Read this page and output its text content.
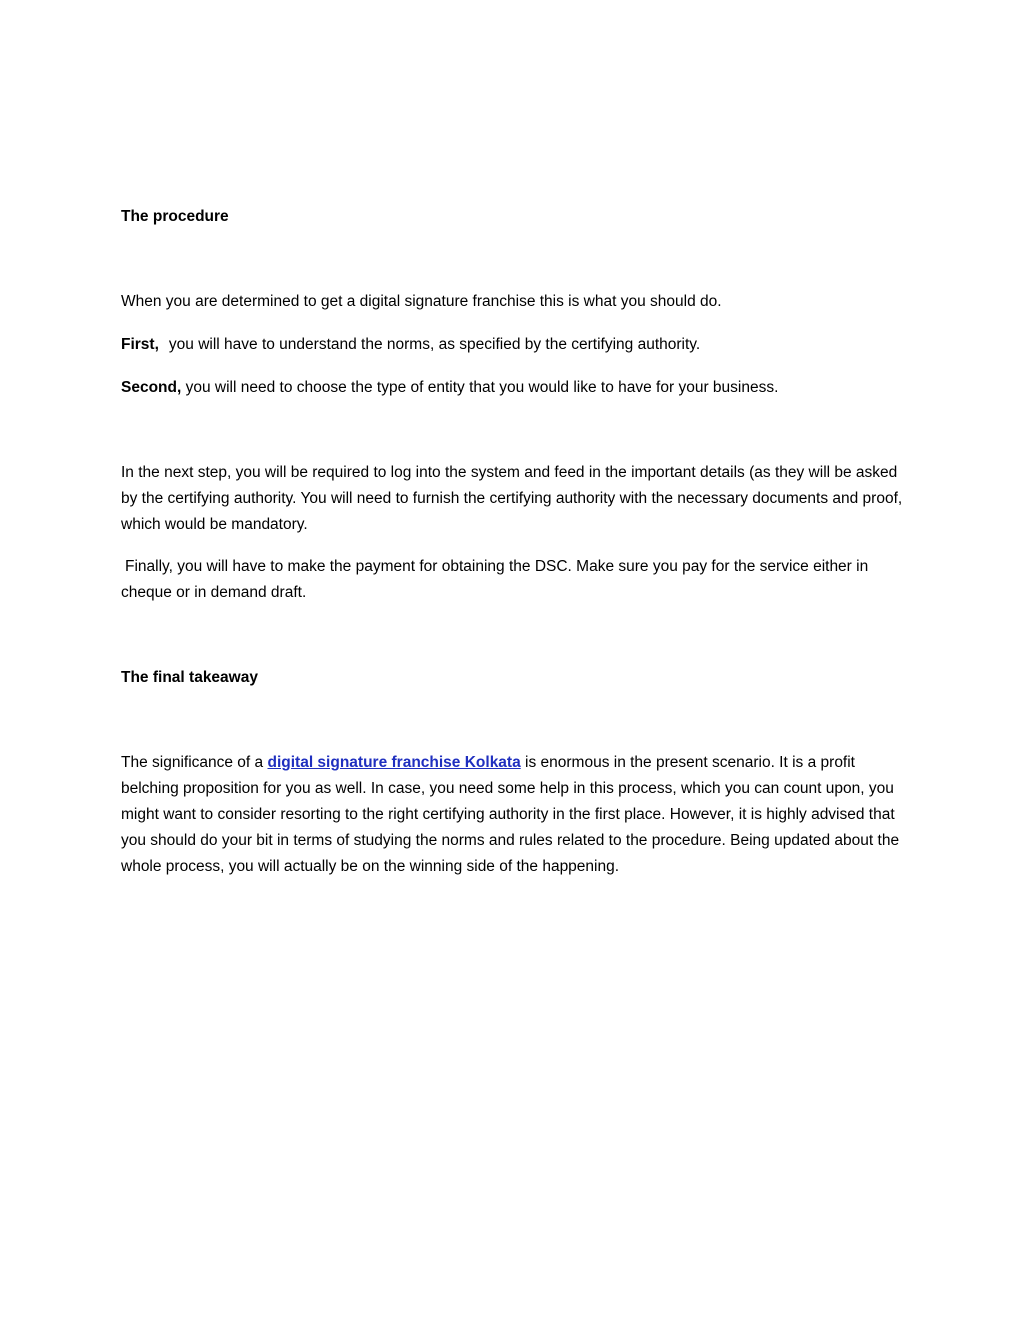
The procedure
When you are determined to get a digital signature franchise this is what you should do.
First, you will have to understand the norms, as specified by the certifying authority.
Second, you will need to choose the type of entity that you would like to have for your business.
In the next step, you will be required to log into the system and feed in the important details (as they will be asked by the certifying authority. You will need to furnish the certifying authority with the necessary documents and proof, which would be mandatory.
Finally, you will have to make the payment for obtaining the DSC. Make sure you pay for the service either in cheque or in demand draft.
The final takeaway
The significance of a digital signature franchise Kolkata is enormous in the present scenario. It is a profit belching proposition for you as well. In case, you need some help in this process, which you can count upon, you might want to consider resorting to the right certifying authority in the first place. However, it is highly advised that you should do your bit in terms of studying the norms and rules related to the procedure. Being updated about the whole process, you will actually be on the winning side of the happening.
